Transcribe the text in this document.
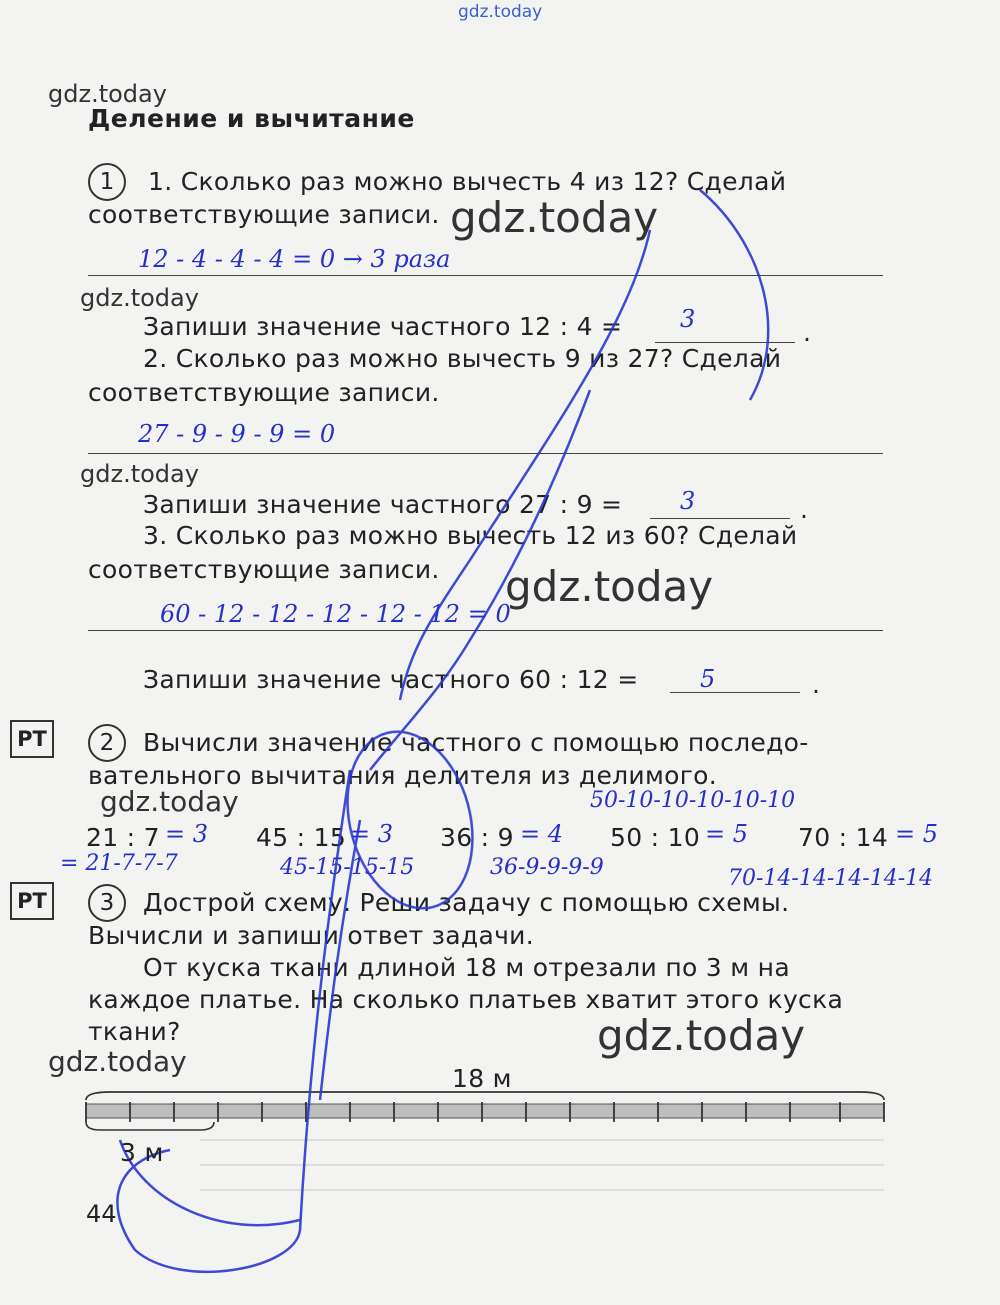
gdz.today
gdz.today
gdz.today
gdz.today
gdz.today
gdz.today
gdz.today
gdz.today
gdz.today
Деление и вычитание
1	1. Сколько раз можно вычесть 4 из 12? Сделай
соответствующие записи.
12 - 4 - 4 - 4 = 0 → 3 раза
Запиши значение частного 12 : 4 = 3	.
2. Сколько раз можно вычесть 9 из 27? Сделай
соответствующие записи.
27 - 9 - 9 - 9 = 0
Запиши значение частного 27 : 9 = 3	.
3. Сколько раз можно вычесть 12 из 60? Сделай
соответствующие записи.
60 - 12 - 12 - 12 - 12 - 12 = 0
Запиши значение частного 60 : 12 =	5	.
РТ	2	Вычисли значение частного с помощью последо-
вательного вычитания делителя из делимого.
21 : 7 = 3 45 : 15 = 3 36 : 9 = 4 50 : 10 = 5 70 : 14 = 5
50-10-10-10-10-10
= 21-7-7-7	45-15-15-15	36-9-9-9-9	70-14-14-14-14-14
РТ	3	Дострой схему. Реши задачу с помощью схемы.
Вычисли и запиши ответ задачи.
От куска ткани длиной 18 м отрезали по 3 м на
каждое платье. На сколько платьев хватит этого куска
ткани?
18 м
3 м
44
